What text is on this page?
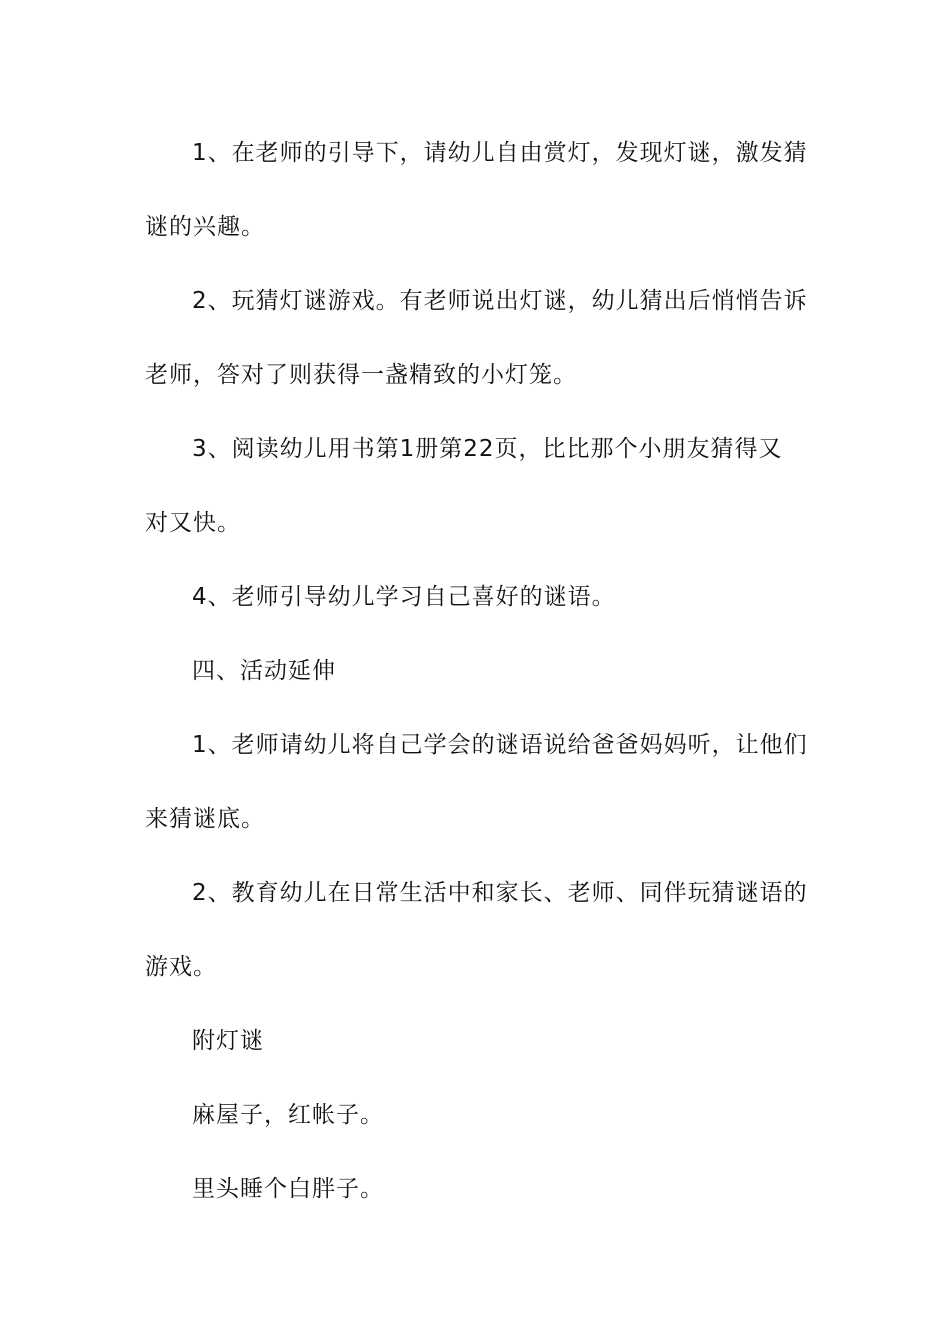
1、在老师的引导下，请幼儿自由赏灯，发现灯谜，激发猜
谜的兴趣。
2、玩猜灯谜游戏。有老师说出灯谜，幼儿猜出后悄悄告诉
老师，答对了则获得一盏精致的小灯笼。
3、阅读幼儿用书第1册第22页，比比那个小朋友猜得又
对又快。
4、老师引导幼儿学习自己喜好的谜语。
四、活动延伸
1、老师请幼儿将自己学会的谜语说给爸爸妈妈听，让他们
来猜谜底。
2、教育幼儿在日常生活中和家长、老师、同伴玩猜谜语的
游戏。
附灯谜
麻屋子，红帐子。
里头睡个白胖子。
